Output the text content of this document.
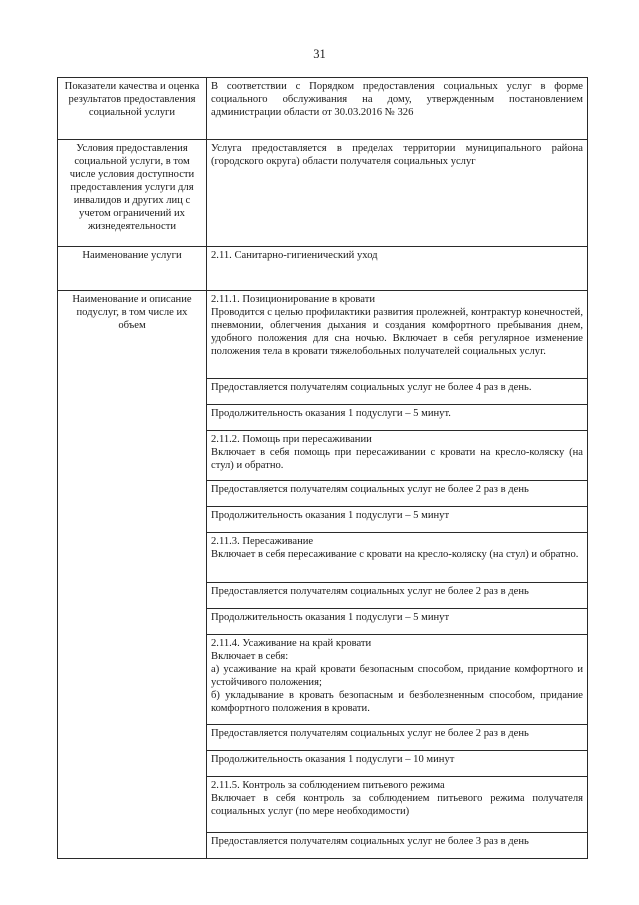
31
Показатели качества и оценка результатов предоставления социальной услуги	В соответствии с Порядком предоставления социальных услуг в форме социального обслуживания на дому, утвержденным постановлением администрации области от 30.03.2016 № 326
Условия предоставления социальной услуги, в том числе условия доступности предоставления услуги для инвалидов и других лиц с учетом ограничений их жизнедеятельности	Услуга предоставляется в пределах территории муниципального района (городского округа) области получателя социальных услуг
Наименование услуги	2.11. Санитарно-гигиенический уход
Наименование и описание подуслуг, в том числе их объем	2.11.1. Позиционирование в кровати
Проводится с целью профилактики развития пролежней, контрактур конечностей, пневмонии, облегчения дыхания и создания комфортного пребывания днем, удобного положения для сна ночью. Включает в себя регулярное изменение положения тела в кровати тяжелобольных получателей социальных услуг.

	Предоставляется получателям социальных услуг не более 4 раз в день.
	Продолжительность оказания 1 подуслуги – 5 минут.

	2.11.2. Помощь при пересаживании
Включает в себя помощь при пересаживании с кровати на кресло-коляску (на стул) и обратно.

	Предоставляется получателям социальных услуг не более 2 раз в день
	Продолжительность оказания 1 подуслуги – 5 минут

	2.11.3. Пересаживание
Включает в себя пересаживание с кровати на кресло-коляску (на стул) и обратно.

	Предоставляется получателям социальных услуг не более 2 раз в день
	Продолжительность оказания 1 подуслуги – 5 минут

	2.11.4. Усаживание на край кровати
Включает в себя:
а) усаживание на край кровати безопасным способом, придание комфортного и устойчивого положения;
б) укладывание в кровать безопасным и безболезненным способом, придание комфортного положения в кровати.

	Предоставляется получателям социальных услуг не более 2 раз в день
	Продолжительность оказания 1 подуслуги – 10 минут

	2.11.5. Контроль за соблюдением питьевого режима
Включает в себя контроль за соблюдением питьевого режима получателя социальных услуг (по мере необходимости)

	Предоставляется получателям социальных услуг не более 3 раз в день
